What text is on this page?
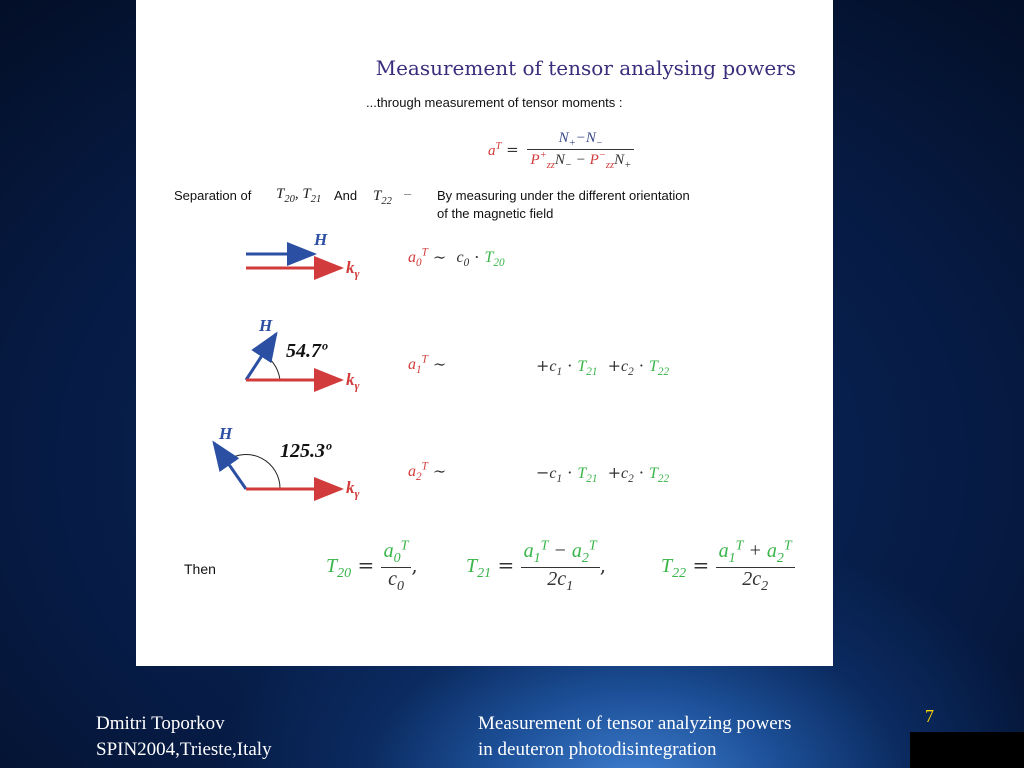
Measurement of tensor analysing powers
...through measurement of tensor moments :
$a^T = \frac{N_+-N_-}{P^+_{zz}N_- - P^-_{zz}N_+}$
Separation of $T_{20}$, $T_{21}$ And $T_{22}$
– By measuring under the different orientation
of the magnetic field
H
$k_\gamma$
$a_0^T$ ∼  $c_0 \cdot T_{20}$
H
54.7º
$k_\gamma$
$a_1^T$ ∼	$+c_1 \cdot T_{21} +c_2 \cdot T_{22}$
H
125.3º
$k_\gamma$
$a_2^T$ ∼	$-c_1 \cdot T_{21} +c_2 \cdot T_{22}$
Then	$T_{20} = \frac{a_0^T}{c_0}$ , $T_{21} = \frac{a_1^T - a_2^T}{2c_1}$ ,	$T_{22} = \frac{a_1^T + a_2^T}{2c_2}$
Dmitri Toporkov
SPIN2004,Trieste,Italy
Measurement of tensor analyzing powers
in deuteron photodisintegration
7
